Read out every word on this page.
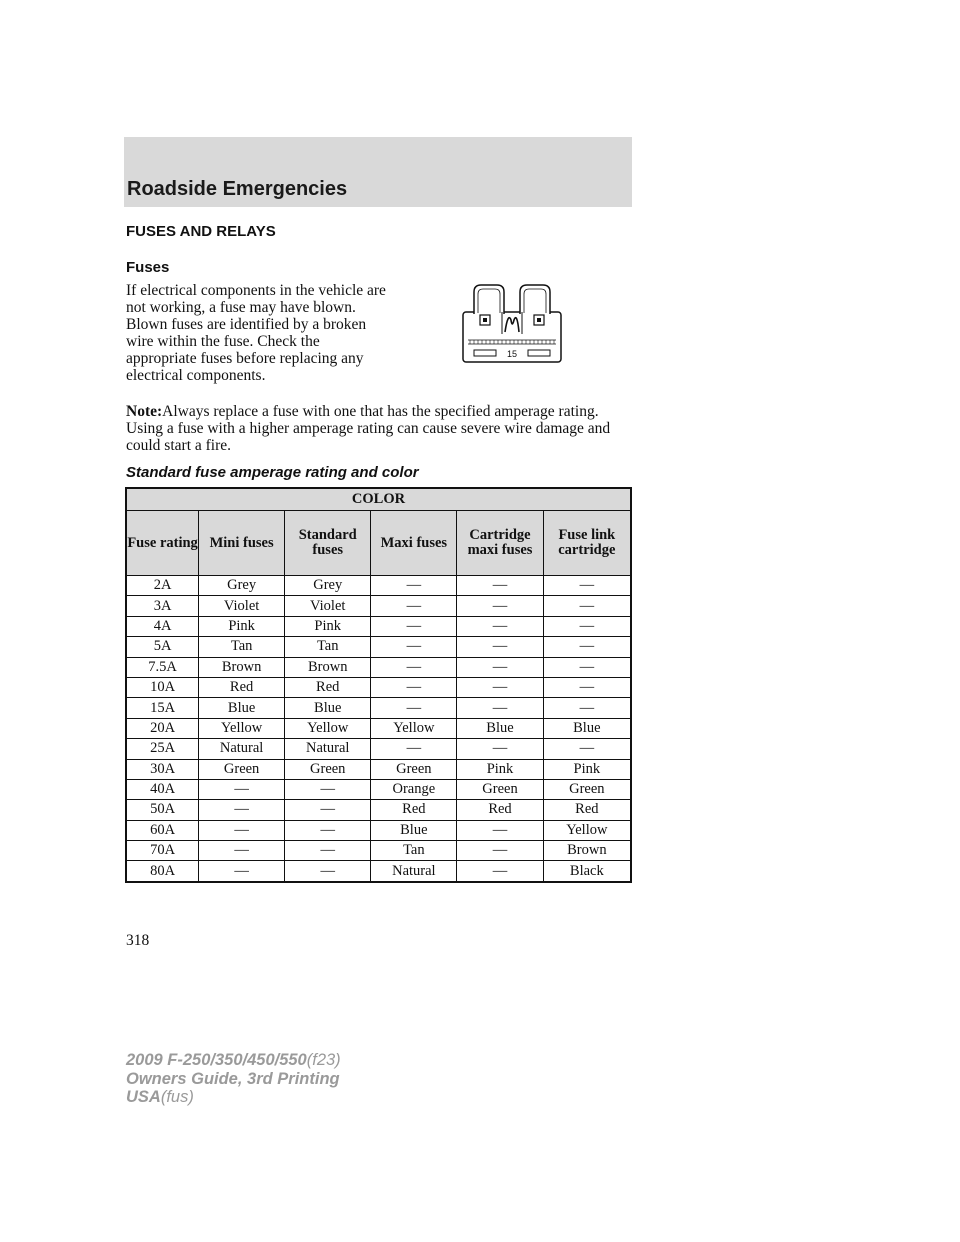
Roadside Emergencies
FUSES AND RELAYS
Fuses
If electrical components in the vehicle are not working, a fuse may have blown. Blown fuses are identified by a broken wire within the fuse. Check the appropriate fuses before replacing any electrical components.
15
Note:Always replace a fuse with one that has the specified amperage rating. Using a fuse with a higher amperage rating can cause severe wire damage and could start a fire.
Standard fuse amperage rating and color
COLOR					
Fuse rating	Mini fuses	Standard fuses	Maxi fuses	Cartridge maxi fuses	Fuse link cartridge
2A	Grey	Grey	—	—	—
3A	Violet	Violet	—	—	—
4A	Pink	Pink	—	—	—
5A	Tan	Tan	—	—	—
7.5A	Brown	Brown	—	—	—
10A	Red	Red	—	—	—
15A	Blue	Blue	—	—	—
20A	Yellow	Yellow	Yellow	Blue	Blue
25A	Natural	Natural	—	—	—
30A	Green	Green	Green	Pink	Pink
40A	—	—	Orange	Green	Green
50A	—	—	Red	Red	Red
60A	—	—	Blue	—	Yellow
70A	—	—	Tan	—	Brown
80A	—	—	Natural	—	Black
318
2009 F-250/350/450/550(f23)
Owners Guide, 3rd Printing
USA(fus)
